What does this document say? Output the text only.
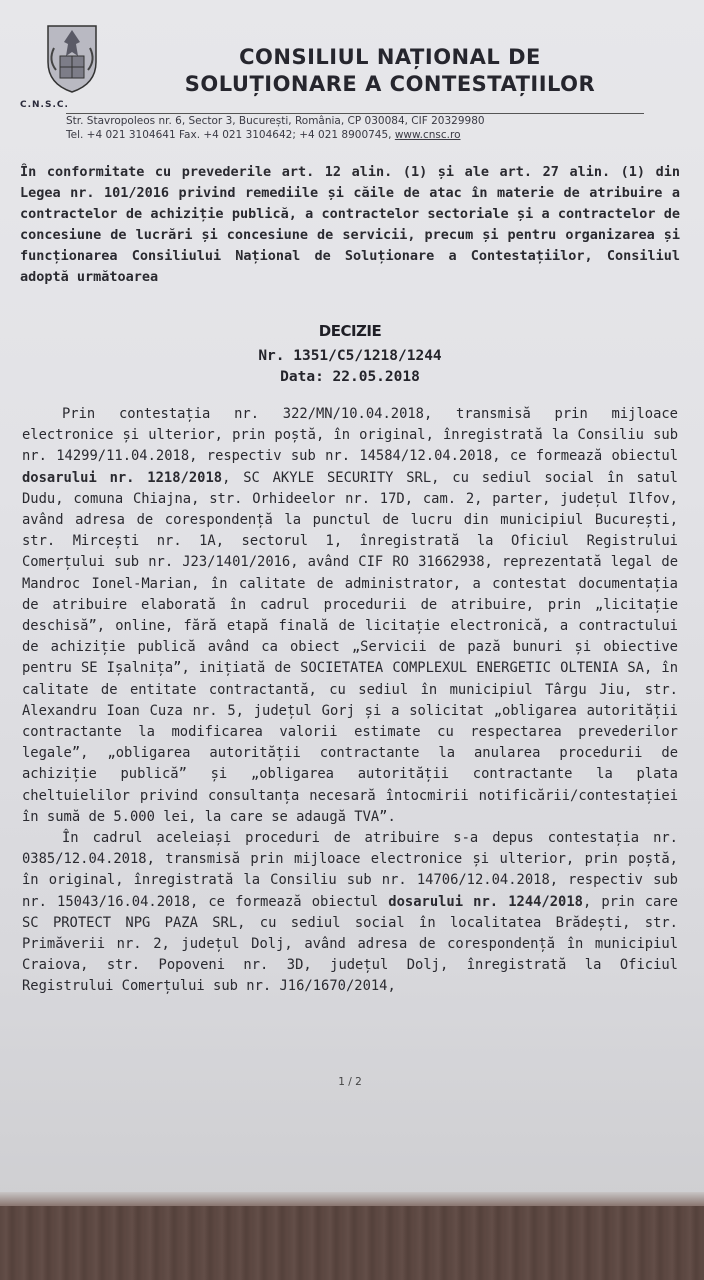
C.N.S.C.
CONSILIUL NAȚIONAL DE
SOLUȚIONARE A CONTESTAȚIILOR
Str. Stavropoleos nr. 6, Sector 3, București, România, CP 030084, CIF 20329980
Tel. +4 021 3104641 Fax. +4 021 3104642; +4 021 8900745, www.cnsc.ro
În conformitate cu prevederile art. 12 alin. (1) și ale art. 27 alin. (1) din Legea nr. 101/2016 privind remediile și căile de atac în materie de atribuire a contractelor de achiziție publică, a contractelor sectoriale și a contractelor de concesiune de lucrări și concesiune de servicii, precum și pentru organizarea și funcționarea Consiliului Național de Soluționare a Contestațiilor, Consiliul adoptă următoarea
DECIZIE
Nr. 1351/C5/1218/1244
Data: 22.05.2018

Prin contestația nr. 322/MN/10.04.2018, transmisă prin mijloace electronice și ulterior, prin poștă, în original, înregistrată la Consiliu sub nr. 14299/11.04.2018, respectiv sub nr. 14584/12.04.2018, ce formează obiectul dosarului nr. 1218/2018, SC AKYLE SECURITY SRL, cu sediul social în satul Dudu, comuna Chiajna, str. Orhideelor nr. 17D, cam. 2, parter, județul Ilfov, având adresa de corespondență la punctul de lucru din municipiul București, str. Mircești nr. 1A, sectorul 1, înregistrată la Oficiul Registrului Comerțului sub nr. J23/1401/2016, având CIF RO 31662938, reprezentată legal de Mandroc Ionel-Marian, în calitate de administrator, a contestat documentația de atribuire elaborată în cadrul procedurii de atribuire, prin „licitație deschisă”, online, fără etapă finală de licitație electronică, a contractului de achiziție publică având ca obiect „Servicii de pază bunuri și obiective pentru SE Ișalnița”, inițiată de SOCIETATEA COMPLEXUL ENERGETIC OLTENIA SA, în calitate de entitate contractantă, cu sediul în municipiul Târgu Jiu, str. Alexandru Ioan Cuza nr. 5, județul Gorj și a solicitat „obligarea autorității contractante la modificarea valorii estimate cu respectarea prevederilor legale”, „obligarea autorității contractante la anularea procedurii de achiziție publică” și „obligarea autorității contractante la plata cheltuielilor privind consultanța necesară întocmirii notificării/contestației în sumă de 5.000 lei, la care se adaugă TVA”.

În cadrul aceleiași proceduri de atribuire s-a depus contestația nr. 0385/12.04.2018, transmisă prin mijloace electronice și ulterior, prin poștă, în original, înregistrată la Consiliu sub nr. 14706/12.04.2018, respectiv sub nr. 15043/16.04.2018, ce formează obiectul dosarului nr. 1244/2018, prin care SC PROTECT NPG PAZA SRL, cu sediul social în localitatea Brădești, str. Primăverii nr. 2, județul Dolj, având adresa de corespondență în municipiul Craiova, str. Popoveni nr. 3D, județul Dolj, înregistrată la Oficiul Registrului Comerțului sub nr. J16/1670/2014,

1 / 2
